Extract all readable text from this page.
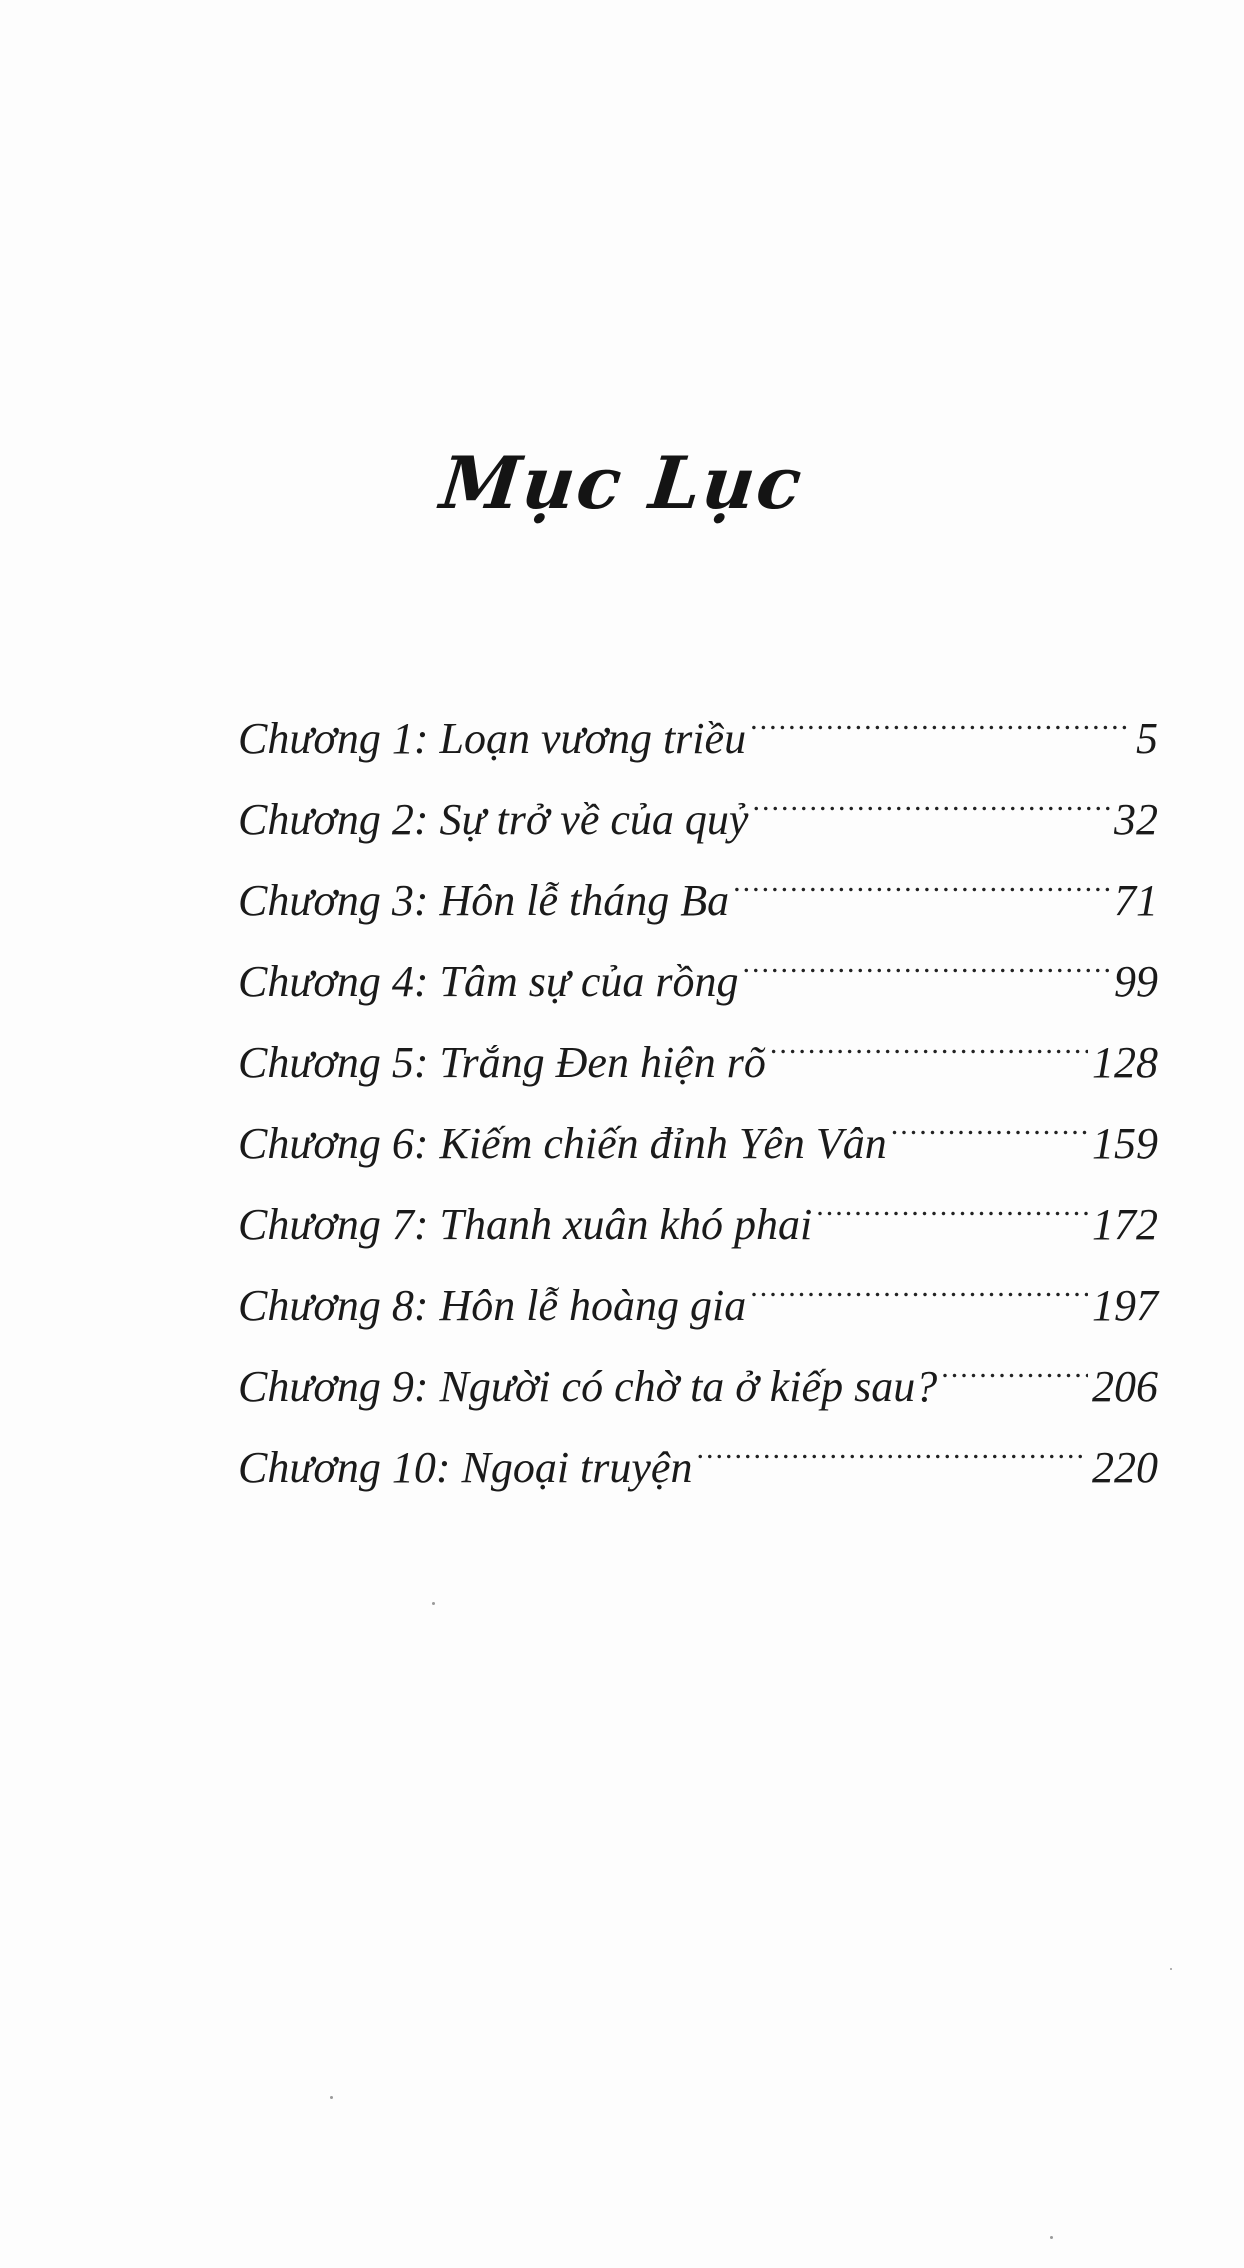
Mục Lục
Chương 1: Loạn vương triều .....	5
Chương 2: Sự trở về của quỷ .....	32
Chương 3: Hôn lễ tháng Ba .....	71
Chương 4: Tâm sự của rồng .....	99
Chương 5: Trắng Đen hiện rõ .....	128
Chương 6: Kiếm chiến đỉnh Yên Vân .....	159
Chương 7: Thanh xuân khó phai .....	172
Chương 8: Hôn lễ hoàng gia .....	197
Chương 9: Người có chờ ta ở kiếp sau? .....	206
Chương 10: Ngoại truyện .....	220
